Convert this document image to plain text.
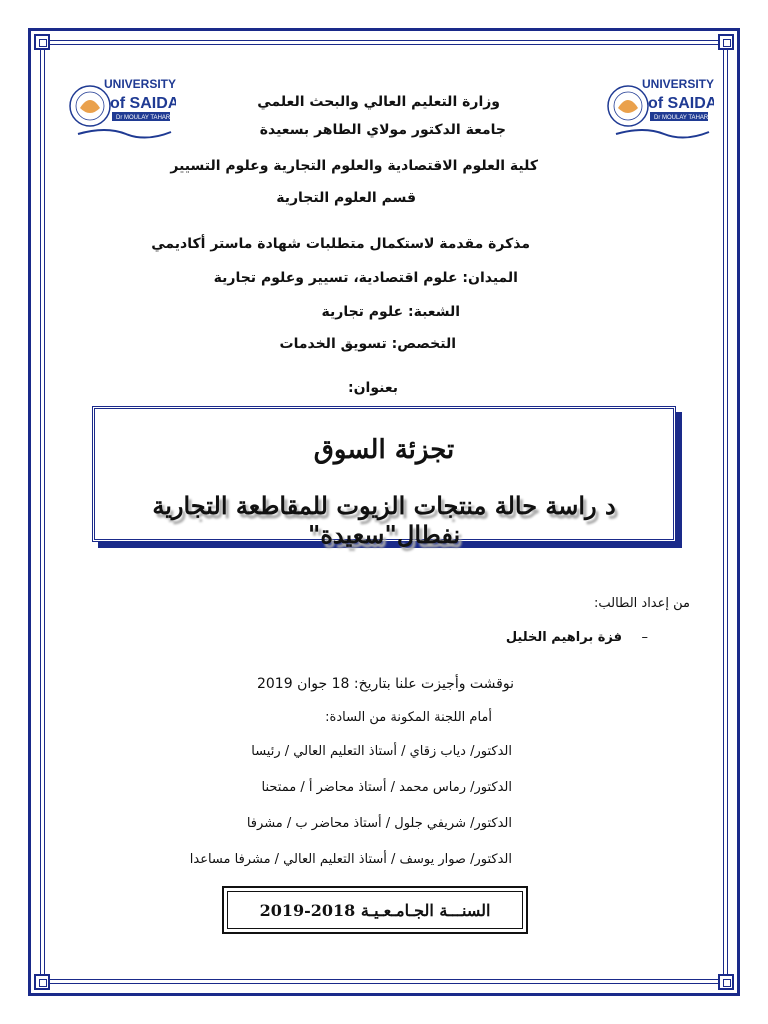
UNIVERSITY
of SAIDA
Dr MOULAY TAHAR
UNIVERSITY
of SAIDA
Dr MOULAY TAHAR
وزارة التعليم العالي والبحث العلمي
جامعة الدكتور مولاي الطاهر بسعيدة
كلية العلوم الاقتصادية والعلوم التجارية وعلوم التسيير
قسم العلوم التجارية
مذكرة مقدمة لاستكمال متطلبات شهادة ماستر أكاديمي
الميدان: علوم اقتصادية، تسيير وعلوم تجارية
الشعبة: علوم تجارية
التخصص: تسويق الخدمات
بعنوان:
تجزئة السوق
د راسة حالة منتجات الزيوت للمقاطعة التجارية نفطال"سعيدة"
من إعداد الطالب:
–
فزة براهيم الخليل
نوقشت وأجيزت علنا بتاريخ: 18 جوان 2019
أمام اللجنة المكونة من السادة:
الدكتور/ دياب زقاي / أستاذ التعليم العالي / رئيسا
الدكتور/ رماس محمد / أستاذ محاضر أ / ممتحنا
الدكتور/ شريفي جلول / أستاذ محاضر ب / مشرفا
الدكتور/ صوار يوسف / أستاذ التعليم العالي / مشرفا مساعدا
السنـــة الجـامـعـيـة 2018-2019
